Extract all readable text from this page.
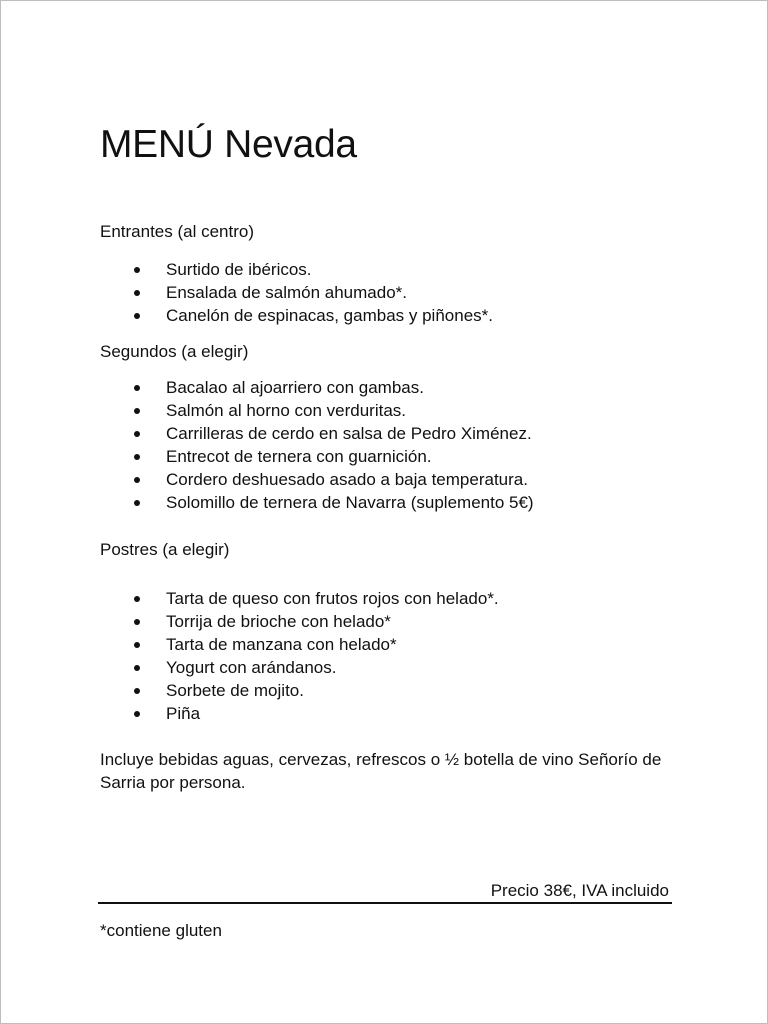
MENÚ Nevada

Entrantes (al centro)

Surtido de ibéricos.
Ensalada de salmón ahumado*.
Canelón de espinacas, gambas y piñones*.

Segundos (a elegir)

Bacalao al ajoarriero con gambas.
Salmón al horno con verduritas.
Carrilleras de cerdo en salsa de Pedro Ximénez.
Entrecot de ternera con guarnición.
Cordero deshuesado asado a baja temperatura.
Solomillo de ternera de Navarra (suplemento 5€)

Postres (a elegir)

Tarta de queso con frutos rojos con helado*.
Torrija de brioche con helado*
Tarta de manzana con helado*
Yogurt con arándanos.
Sorbete de mojito.
Piña

Incluye bebidas aguas, cervezas, refrescos o ½ botella de vino Señorío de Sarria por persona.

Precio 38€, IVA incluido
*contiene gluten
